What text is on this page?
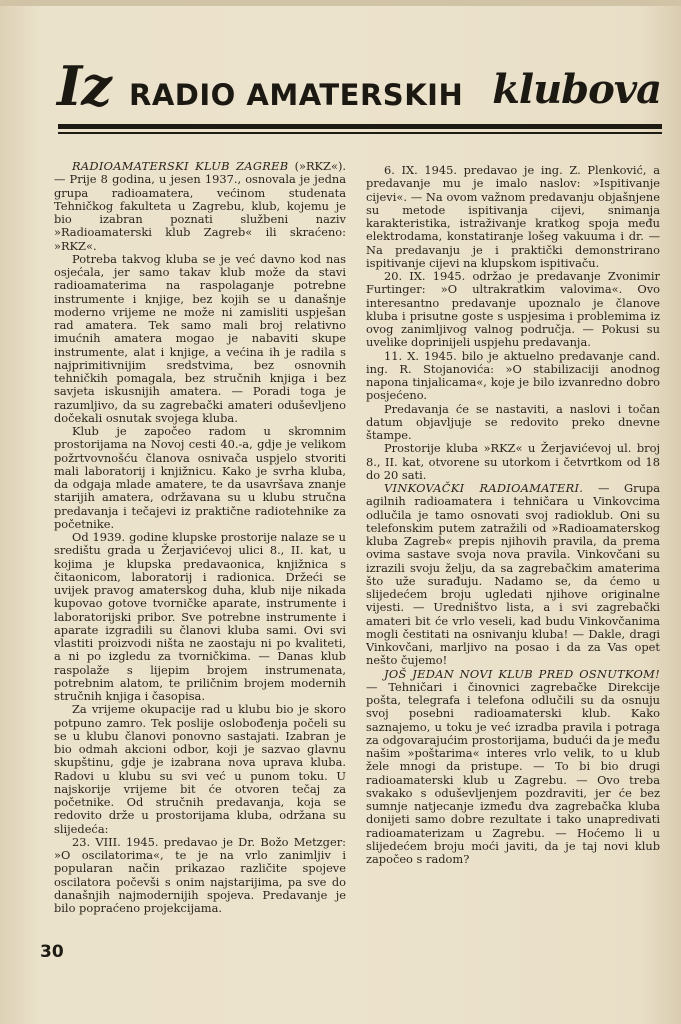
Iz RADIO AMATERSKIH klubova

RADIOAMATERSKI KLUB ZAGREB (»RKZ«). — Prije 8 godina, u jesen 1937., osnovala je jedna grupa radioamatera, većinom studenata Tehničkog fakulteta u Zagrebu, klub, kojemu je bio izabran poznati službeni naziv »Radioamaterski klub Zagreb« ili skraćeno: »RKZ«.

Potreba takvog kluba se je već davno kod nas osjećala, jer samo takav klub može da stavi radioamaterima na raspolaganje potrebne instrumente i knjige, bez kojih se u današnje moderno vrijeme ne može ni zamisliti uspješan rad amatera. Tek samo mali broj relativno imućnih amatera mogao je nabaviti skupe instrumente, alat i knjige, a većina ih je radila s najprimitivnijim sredstvima, bez osnovnih tehničkih pomagala, bez stručnih knjiga i bez savjeta iskusnijih amatera. — Poradi toga je razumljivo, da su zagrebački amateri oduševljeno dočekali osnutak svojega kluba.

Klub je započeo radom u skromnim prostorijama na Novoj cesti 40.-a, gdje je velikom požrtvovnošću članova osnivača uspjelo stvoriti mali laboratorij i knjižnicu. Kako je svrha kluba, da odgaja mlade amatere, te da usavršava znanje starijih amatera, održavana su u klubu stručna predavanja i tečajevi iz praktične radiotehnike za početnike.

Od 1939. godine klupske prostorije nalaze se u središtu grada u Žerjavićevoj ulici 8., II. kat, u kojima je klupska predavaonica, knjižnica s čitaonicom, laboratorij i radionica. Držeći se uvijek pravog amaterskog duha, klub nije nikada kupovao gotove tvorničke aparate, instrumente i laboratorijski pribor. Sve potrebne instrumente i aparate izgradili su članovi kluba sami. Ovi svi vlastiti proizvodi ništa ne zaostaju ni po kvaliteti, a ni po izgledu za tvorničkima. — Danas klub raspolaže s lijepim brojem instrumenata, potrebnim alatom, te priličnim brojem modernih stručnih knjiga i časopisa.

Za vrijeme okupacije rad u klubu bio je skoro potpuno zamro. Tek poslije oslobođenja počeli su se u klubu članovi ponovno sastajati. Izabran je bio odmah akcioni odbor, koji je sazvao glavnu skupštinu, gdje je izabrana nova uprava kluba. Radovi u klubu su svi već u punom toku. U najskorije vrijeme bit će otvoren tečaj za početnike. Od stručnih predavanja, koja se redovito drže u prostorijama kluba, održana su slijedeća:

23. VIII. 1945. predavao je Dr. Božo Metzger: »O oscilatorima«, te je na vrlo zanimljiv i popularan način prikazao različite spojeve oscilatora počevši s onim najstarijima, pa sve do današnjih najmodernijih spojeva. Predavanje je bilo popraćeno projekcijama.

6. IX. 1945. predavao je ing. Z. Plenković, a predavanje mu je imalo naslov: »Ispitivanje cijevi«. — Na ovom važnom predavanju objašnjene su metode ispitivanja cijevi, snimanja karakteristika, istraživanje kratkog spoja među elektrodama, konstatiranje lošeg vakuuma i dr. — Na predavanju je i praktički demonstrirano ispitivanje cijevi na klupskom ispitivaču.

20. IX. 1945. održao je predavanje Zvonimir Furtinger: »O ultrakratkim valovima«. Ovo interesantno predavanje upoznalo je članove kluba i prisutne goste s uspjesima i problemima iz ovog zanimljivog valnog područja. — Pokusi su uvelike doprinijeli uspjehu predavanja.

11. X. 1945. bilo je aktuelno predavanje cand. ing. R. Stojanovića: »O stabilizaciji anodnog napona tinjalicama«, koje je bilo izvanredno dobro posjećeno.

Predavanja će se nastaviti, a naslovi i točan datum objavljuje se redovito preko dnevne štampe.

Prostorije kluba »RKZ« u Žerjavićevoj ul. broj 8., II. kat, otvorene su utorkom i četvrtkom od 18 do 20 sati.

VINKOVAČKI RADIOAMATERI. — Grupa agilnih radioamatera i tehničara u Vinkovcima odlučila je tamo osnovati svoj radioklub. Oni su telefonskim putem zatražili od »Radioamaterskog kluba Zagreb« prepis njihovih pravila, da prema ovima sastave svoja nova pravila. Vinkovčani su izrazili svoju želju, da sa zagrebačkim amaterima što uže surađuju. Nadamo se, da ćemo u slijedećem broju ugledati njihove originalne vijesti. — Uredništvo lista, a i svi zagrebački amateri bit će vrlo veseli, kad budu Vinkovčanima mogli čestitati na osnivanju kluba! — Dakle, dragi Vinkovčani, marljivo na posao i da za Vas opet nešto čujemo!

JOŠ JEDAN NOVI KLUB PRED OSNUTKOM! — Tehničari i činovnici zagrebačke Direkcije pošta, telegrafa i telefona odlučili su da osnuju svoj posebni radioamaterski klub. Kako saznajemo, u toku je već izradba pravila i potraga za odgovarajućim prostorijama, budući da je među našim »poštarima« interes vrlo velik, to u klub žele mnogi da pristupe. — To bi bio drugi radioamaterski klub u Zagrebu. — Ovo treba svakako s oduševljenjem pozdraviti, jer će bez sumnje natjecanje između dva zagrebačka kluba donijeti samo dobre rezultate i tako unapredivati radioamaterizam u Zagrebu. — Hoćemo li u slijedećem broju moći javiti, da je taj novi klub započeo s radom?

30
